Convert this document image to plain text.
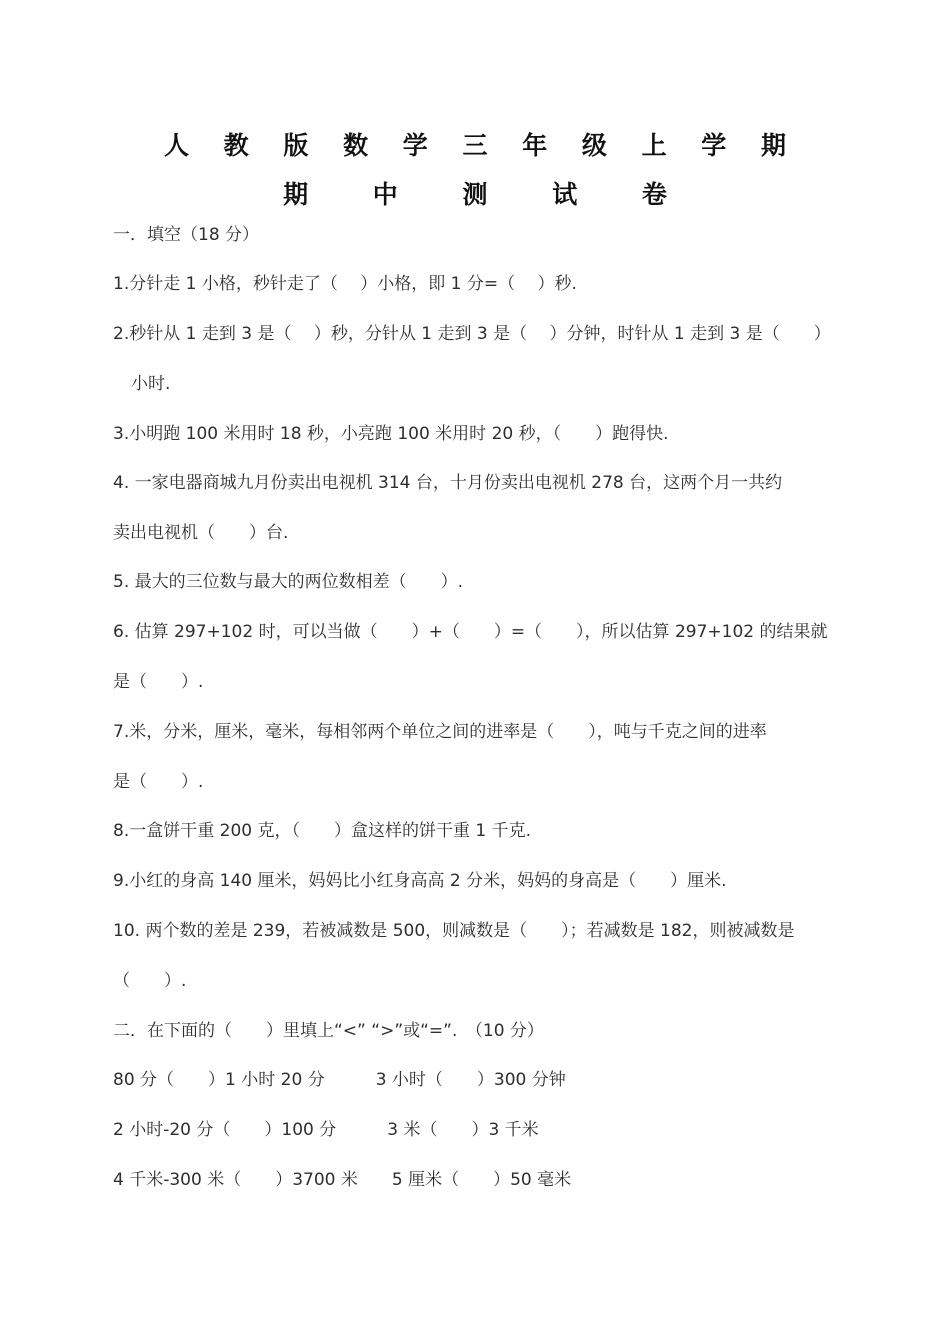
人 教 版 数 学 三 年 级 上 学 期
期 中 测 试 卷
一．填空（18 分）
1.分针走 1 小格，秒针走了（　 ）小格，即 1 分=（　 ）秒.
2.秒针从 1 走到 3 是（　 ）秒，分针从 1 走到 3 是（　 ）分钟，时针从 1 走到 3 是（　　）
小时.
3.小明跑 100 米用时 18 秒，小亮跑 100 米用时 20 秒，（　　）跑得快.
4. 一家电器商城九月份卖出电视机 314 台，十月份卖出电视机 278 台，这两个月一共约
卖出电视机（　　）台.
5. 最大的三位数与最大的两位数相差（　　）.
6. 估算 297+102 时，可以当做（　　）+（　　）=（　　），所以估算 297+102 的结果就
是（　　）.
7.米，分米，厘米，毫米，每相邻两个单位之间的进率是（　　），吨与千克之间的进率
是（　　）.
8.一盒饼干重 200 克，（　　）盒这样的饼干重 1 千克.
9.小红的身高 140 厘米，妈妈比小红身高高 2 分米，妈妈的身高是（　　）厘米.
10. 两个数的差是 239，若被减数是 500，则减数是（　　）；若减数是 182，则被减数是
（　　）.
二．在下面的（　　）里填上“<” “>”或“=”.　（10 分）
80 分（　　）1 小时 20 分　　　3 小时（　　）300 分钟
2 小时-20 分（　　）100 分　　　3 米（　　）3 千米
4 千米-300 米（　　）3700 米　　5 厘米（　　）50 毫米
